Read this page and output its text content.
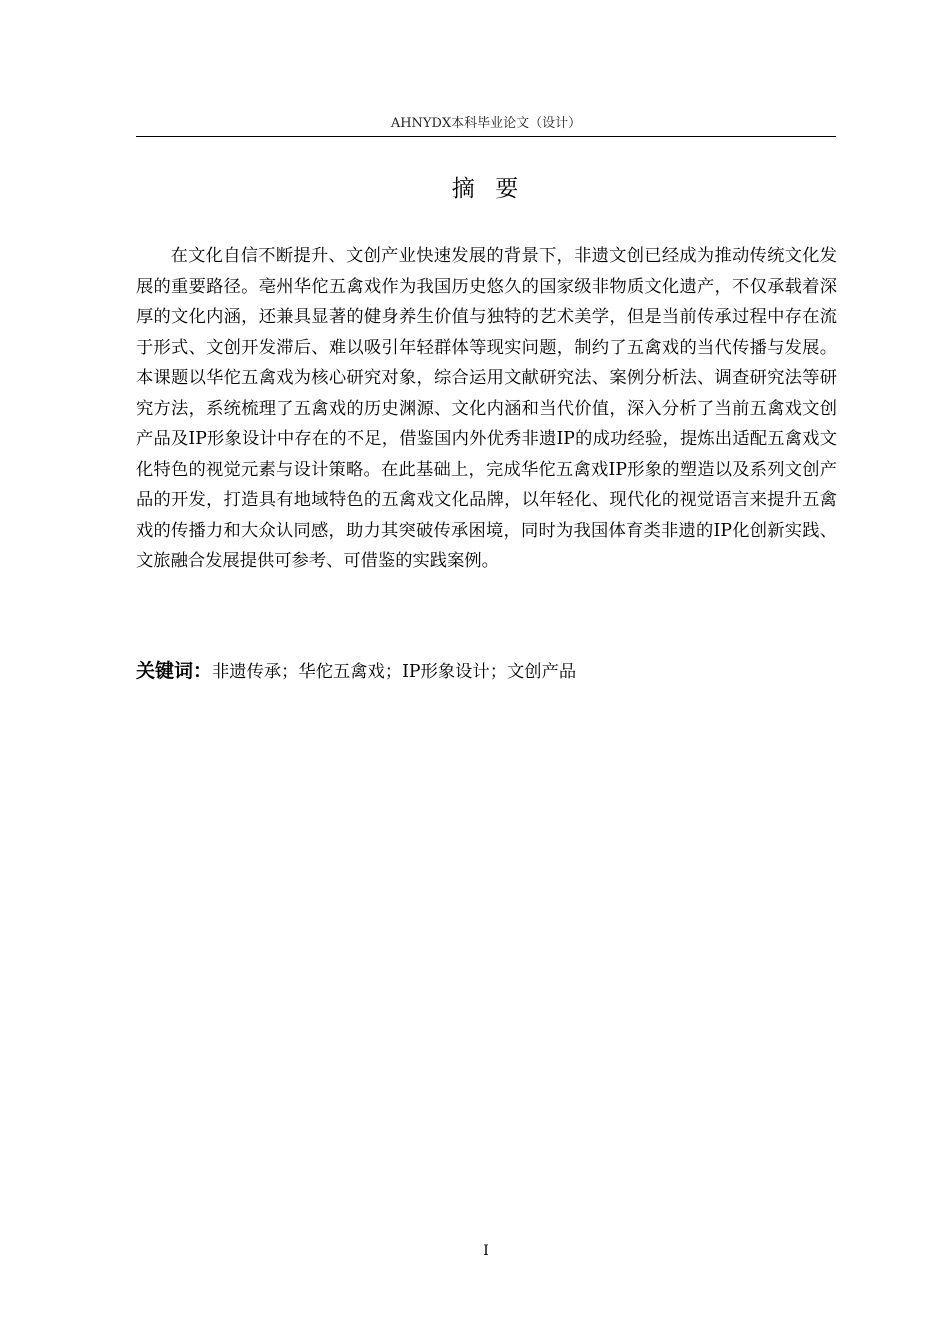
AHNYDX本科毕业论文（设计）
摘  要

在文化自信不断提升、文创产业快速发展的背景下，非遗文创已经成为推动传统文化发展的重要路径。亳州华佗五禽戏作为我国历史悠久的国家级非物质文化遗产，不仅承载着深厚的文化内涵，还兼具显著的健身养生价值与独特的艺术美学，但是当前传承过程中存在流于形式、文创开发滞后、难以吸引年轻群体等现实问题，制约了五禽戏的当代传播与发展。本课题以华佗五禽戏为核心研究对象，综合运用文献研究法、案例分析法、调查研究法等研究方法，系统梳理了五禽戏的历史渊源、文化内涵和当代价值，深入分析了当前五禽戏文创产品及IP形象设计中存在的不足，借鉴国内外优秀非遗IP的成功经验，提炼出适配五禽戏文化特色的视觉元素与设计策略。在此基础上，完成华佗五禽戏IP形象的塑造以及系列文创产品的开发，打造具有地域特色的五禽戏文化品牌，以年轻化、现代化的视觉语言来提升五禽戏的传播力和大众认同感，助力其突破传承困境，同时为我国体育类非遗的IP化创新实践、文旅融合发展提供可参考、可借鉴的实践案例。

关键词：非遗传承；华佗五禽戏；IP形象设计；文创产品
I
